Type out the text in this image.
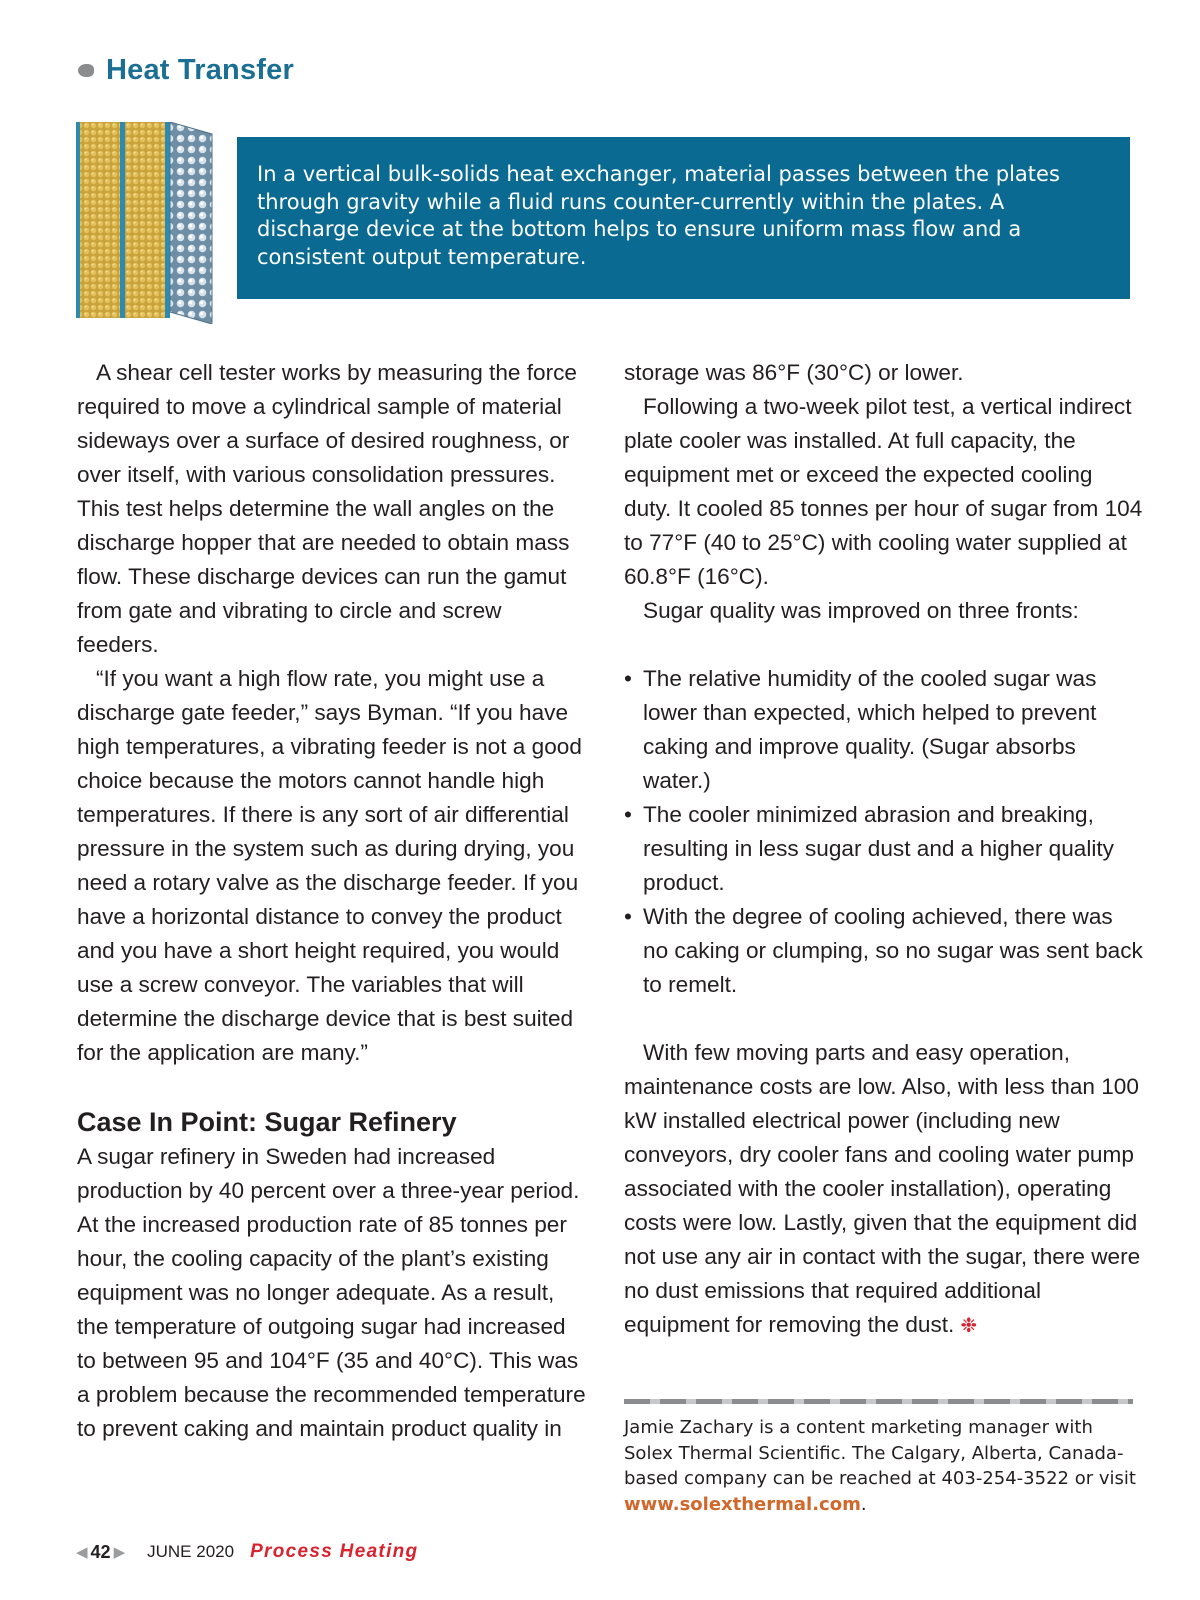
Heat Transfer

In a vertical bulk-solids heat exchanger, material passes between the plates through gravity while a fluid runs counter-currently within the plates. A discharge device at the bottom helps to ensure uniform mass flow and a consistent output temperature.

A shear cell tester works by measuring the force required to move a cylindrical sample of material sideways over a surface of desired roughness, or over itself, with various consolidation pressures. This test helps determine the wall angles on the discharge hopper that are needed to obtain mass flow. These discharge devices can run the gamut from gate and vibrating to circle and screw feeders.

“If you want a high flow rate, you might use a discharge gate feeder,” says Byman. “If you have high temperatures, a vibrating feeder is not a good choice because the motors cannot handle high temperatures. If there is any sort of air differential pressure in the system such as during drying, you need a rotary valve as the discharge feeder. If you have a horizontal distance to convey the product and you have a short height required, you would use a screw conveyor. The variables that will determine the discharge device that is best suited for the application are many.”

Case In Point: Sugar Refinery

A sugar refinery in Sweden had increased production by 40 percent over a three-year period. At the increased production rate of 85 tonnes per hour, the cooling capacity of the plant’s existing equipment was no longer adequate. As a result, the temperature of outgoing sugar had increased to between 95 and 104°F (35 and 40°C). This was a problem because the recommended temperature to prevent caking and maintain product quality in

storage was 86°F (30°C) or lower.

Following a two-week pilot test, a vertical indirect plate cooler was installed. At full capacity, the equipment met or exceed the expected cooling duty. It cooled 85 tonnes per hour of sugar from 104 to 77°F (40 to 25°C) with cooling water supplied at 60.8°F (16°C).

Sugar quality was improved on three fronts:

• The relative humidity of the cooled sugar was lower than expected, which helped to prevent caking and improve quality. (Sugar absorbs water.)
• The cooler minimized abrasion and breaking, resulting in less sugar dust and a higher quality product.
• With the degree of cooling achieved, there was no caking or clumping, so no sugar was sent back to remelt.

With few moving parts and easy operation, maintenance costs are low. Also, with less than 100 kW installed electrical power (including new conveyors, dry cooler fans and cooling water pump associated with the cooler installation), operating costs were low. Lastly, given that the equipment did not use any air in contact with the sugar, there were no dust emissions that required additional equipment for removing the dust. ❉

Jamie Zachary is a content marketing manager with Solex Thermal Scientific. The Calgary, Alberta, Canada-based company can be reached at 403-254-3522 or visit www.solexthermal.com.
◀ 42 ▶ JUNE 2020 Process Heating
